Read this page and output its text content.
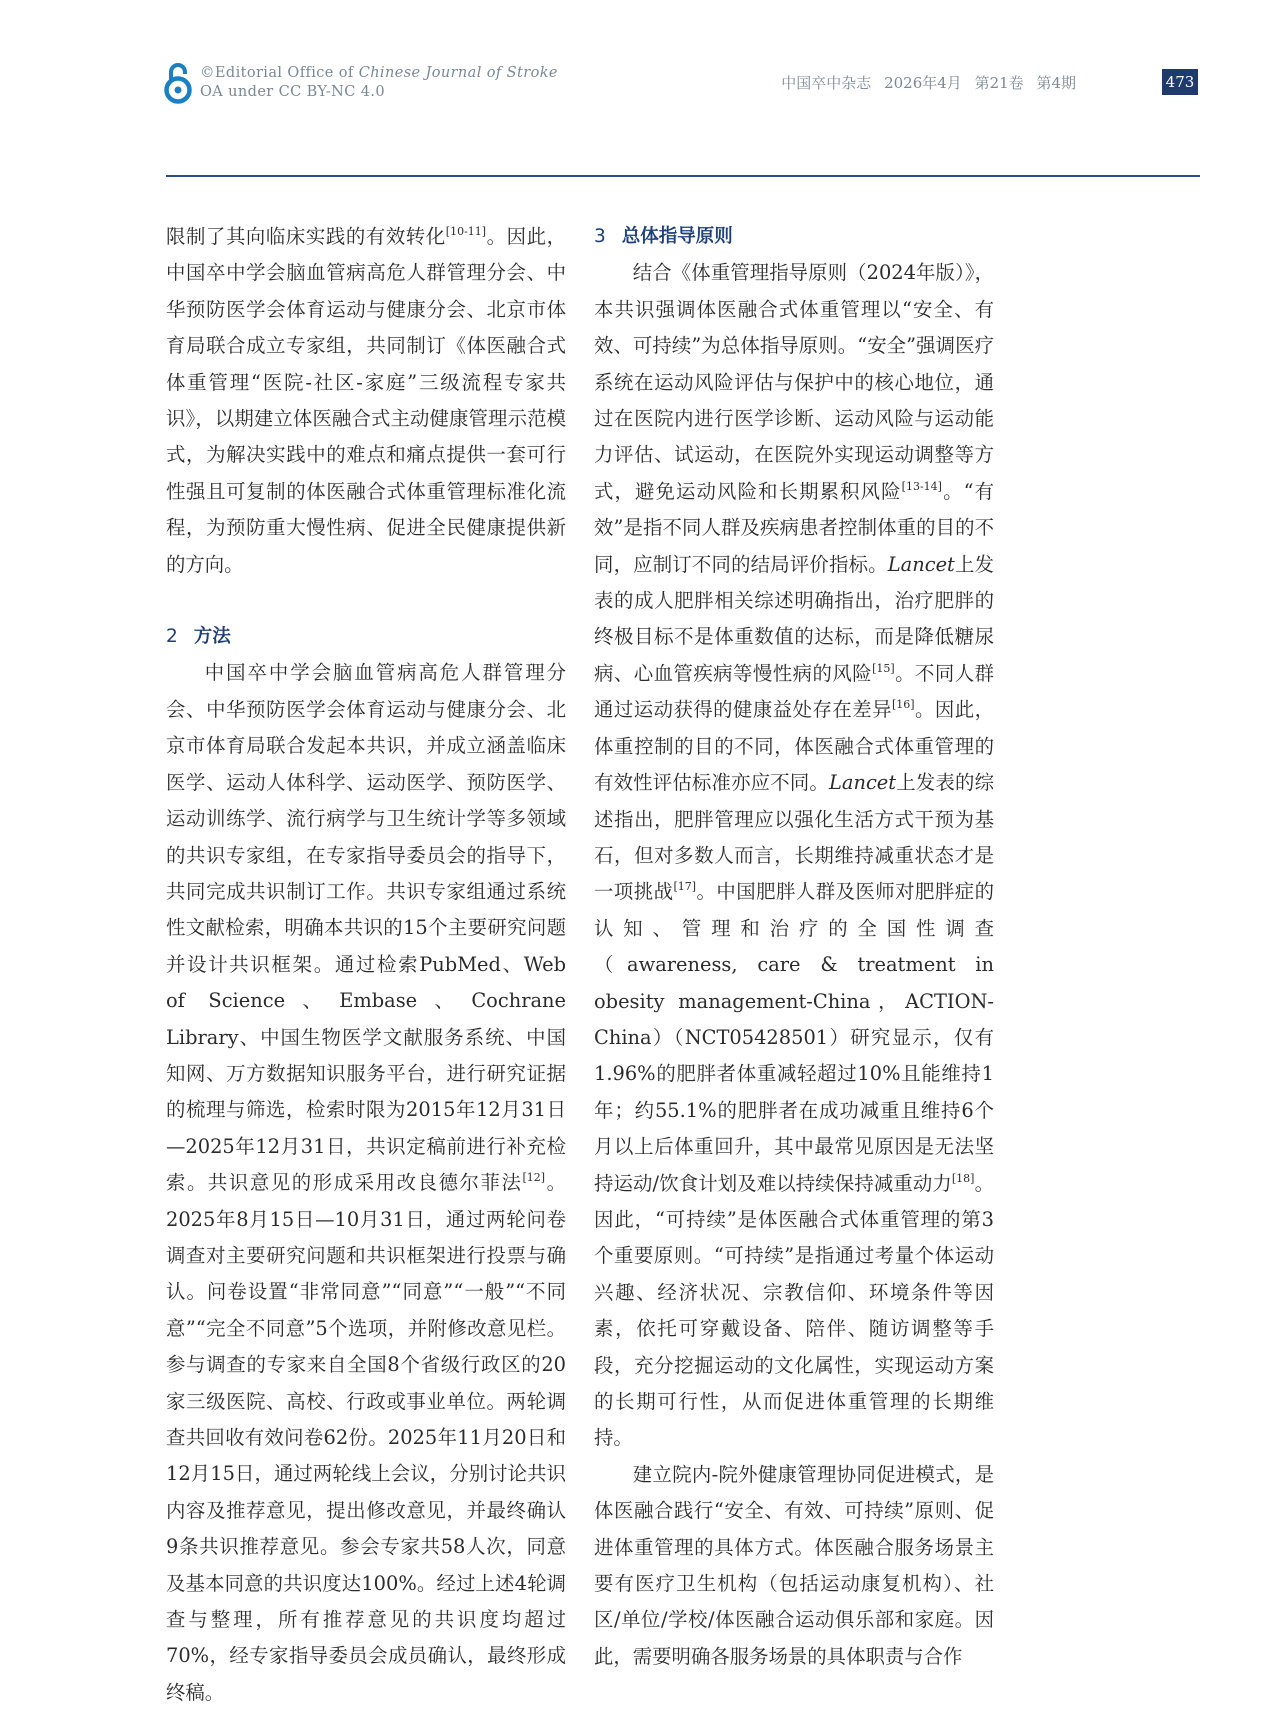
©Editorial Office of Chinese Journal of Stroke
OA under CC BY-NC 4.0	中国卒中杂志 2026年4月 第21卷 第4期	473

限制了其向临床实践的有效转化[10-11]。因此，中国卒中学会脑血管病高危人群管理分会、中华预防医学会体育运动与健康分会、北京市体育局联合成立专家组，共同制订《体医融合式体重管理“医院-社区-家庭”三级流程专家共识》，以期建立体医融合式主动健康管理示范模式，为解决实践中的难点和痛点提供一套可行性强且可复制的体医融合式体重管理标准化流程，为预防重大慢性病、促进全民健康提供新的方向。

2 方法

中国卒中学会脑血管病高危人群管理分会、中华预防医学会体育运动与健康分会、北京市体育局联合发起本共识，并成立涵盖临床医学、运动人体科学、运动医学、预防医学、运动训练学、流行病学与卫生统计学等多领域的共识专家组，在专家指导委员会的指导下，共同完成共识制订工作。共识专家组通过系统性文献检索，明确本共识的15个主要研究问题并设计共识框架。通过检索PubMed、Web of Science、Embase、Cochrane Library、中国生物医学文献服务系统、中国知网、万方数据知识服务平台，进行研究证据的梳理与筛选，检索时限为2015年12月31日—2025年12月31日，共识定稿前进行补充检索。共识意见的形成采用改良德尔菲法[12]。2025年8月15日—10月31日，通过两轮问卷调查对主要研究问题和共识框架进行投票与确认。问卷设置“非常同意”“同意”“一般”“不同意”“完全不同意”5个选项，并附修改意见栏。参与调查的专家来自全国8个省级行政区的20家三级医院、高校、行政或事业单位。两轮调查共回收有效问卷62份。2025年11月20日和12月15日，通过两轮线上会议，分别讨论共识内容及推荐意见，提出修改意见，并最终确认9条共识推荐意见。参会专家共58人次，同意及基本同意的共识度达100%。经过上述4轮调查与整理，所有推荐意见的共识度均超过70%，经专家指导委员会成员确认，最终形成终稿。

3 总体指导原则

结合《体重管理指导原则（2024年版）》，本共识强调体医融合式体重管理以“安全、有效、可持续”为总体指导原则。“安全”强调医疗系统在运动风险评估与保护中的核心地位，通过在医院内进行医学诊断、运动风险与运动能力评估、试运动，在医院外实现运动调整等方式，避免运动风险和长期累积风险[13-14]。“有效”是指不同人群及疾病患者控制体重的目的不同，应制订不同的结局评价指标。Lancet上发表的成人肥胖相关综述明确指出，治疗肥胖的终极目标不是体重数值的达标，而是降低糖尿病、心血管疾病等慢性病的风险[15]。不同人群通过运动获得的健康益处存在差异[16]。因此，体重控制的目的不同，体医融合式体重管理的有效性评估标准亦应不同。Lancet上发表的综述指出，肥胖管理应以强化生活方式干预为基石，但对多数人而言，长期维持减重状态才是一项挑战[17]。中国肥胖人群及医师对肥胖症的认知、管理和治疗的全国性调查（awareness, care & treatment in obesity management-China，ACTION-China）（NCT05428501）研究显示，仅有1.96%的肥胖者体重减轻超过10%且能维持1年；约55.1%的肥胖者在成功减重且维持6个月以上后体重回升，其中最常见原因是无法坚持运动/饮食计划及难以持续保持减重动力[18]。因此，“可持续”是体医融合式体重管理的第3个重要原则。“可持续”是指通过考量个体运动兴趣、经济状况、宗教信仰、环境条件等因素，依托可穿戴设备、陪伴、随访调整等手段，充分挖掘运动的文化属性，实现运动方案的长期可行性，从而促进体重管理的长期维持。

建立院内-院外健康管理协同促进模式，是体医融合践行“安全、有效、可持续”原则、促进体重管理的具体方式。体医融合服务场景主要有医疗卫生机构（包括运动康复机构）、社区/单位/学校/体医融合运动俱乐部和家庭。因此，需要明确各服务场景的具体职责与合作
